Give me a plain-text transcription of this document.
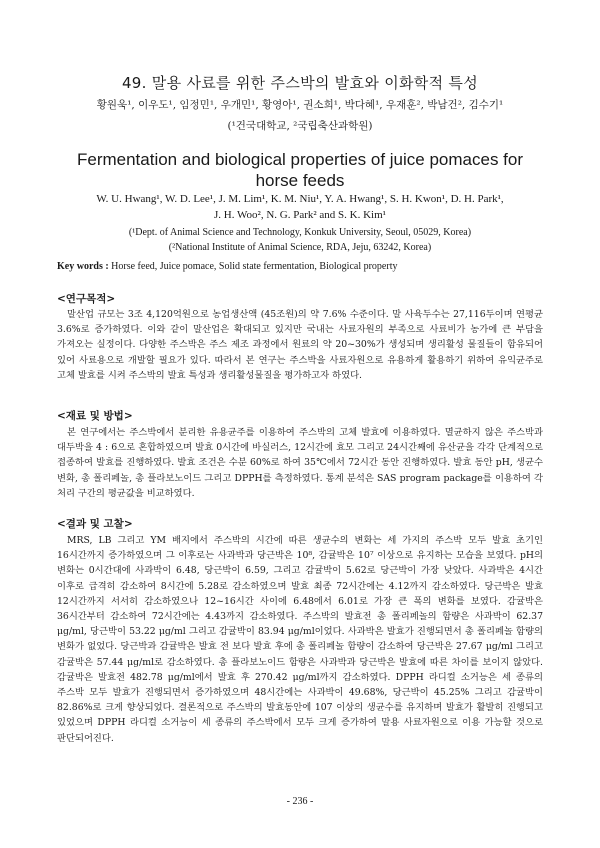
49. 말용 사료를 위한 주스박의 발효와 이화학적 특성
황원욱¹, 이우도¹, 임정민¹, 우개민¹, 황영아¹, 권소희¹, 박다혜¹, 우재훈², 박남건², 김수기¹
(¹건국대학교, ²국립축산과학원)
Fermentation and biological properties of juice pomaces for horse feeds
W. U. Hwang¹, W. D. Lee¹, J. M. Lim¹, K. M. Niu¹, Y. A. Hwang¹, S. H. Kwon¹, D. H. Park¹,
J. H. Woo², N. G. Park² and S. K. Kim¹
(¹Dept. of Animal Science and Technology, Konkuk University, Seoul, 05029, Korea)
(²National Institute of Animal Science, RDA, Jeju, 63242, Korea)
Key words : Horse feed, Juice pomace, Solid state fermentation, Biological property
<연구목적>
말산업 규모는 3조 4,120억원으로 농업생산액 (45조원)의 약 7.6% 수준이다. 말 사육두수는 27,116두이며 연평균 3.6%로 증가하였다. 이와 같이 말산업은 확대되고 있지만 국내는 사료자원의 부족으로 사료비가 농가에 큰 부담을 가져오는 실정이다. 다양한 주스박은 주스 제조 과정에서 원료의 약 20~30%가 생성되며 생리활성 물질들이 함유되어 있어 사료용으로 개발할 필요가 있다. 따라서 본 연구는 주스박을 사료자원으로 유용하게 활용하기 위하여 유익균주로 고체 발효를 시켜 주스박의 발효 특성과 생리활성물질을 평가하고자 하였다.
<재료 및 방법>
본 연구에서는 주스박에서 분리한 유용균주를 이용하여 주스박의 고체 발효에 이용하였다. 멸균하지 않은 주스박과 대두박을 4 : 6으로 혼합하였으며 발효 0시간에 바실러스, 12시간에 효모 그리고 24시간째에 유산균을 각각 단계적으로 접종하여 발효를 진행하였다. 발효 조건은 수분 60%로 하여 35℃에서 72시간 동안 진행하였다. 발효 동안 pH, 생균수 변화, 총 폴리페놀, 총 플라보노이드 그리고 DPPH를 측정하였다. 통계 분석은 SAS program package를 이용하여 각 처리 구간의 평균값을 비교하였다.
<결과 및 고찰>
MRS, LB 그리고 YM 배지에서 주스박의 시간에 따른 생균수의 변화는 세 가지의 주스박 모두 발효 초기인 16시간까지 증가하였으며 그 이후로는 사과박과 당근박은 10⁸, 감귤박은 10⁷ 이상으로 유지하는 모습을 보였다. pH의 변화는 0시간대에 사과박이 6.48, 당근박이 6.59, 그리고 감귤박이 5.62로 당근박이 가장 낮았다. 사과박은 4시간 이후로 급격히 감소하여 8시간에 5.28로 감소하였으며 발효 최종 72시간에는 4.12까지 감소하였다. 당근박은 발효 12시간까지 서서히 감소하였으나 12~16시간 사이에 6.48에서 6.01로 가장 큰 폭의 변화를 보였다. 감귤박은 36시간부터 감소하여 72시간에는 4.43까지 감소하였다. 주스박의 발효전 총 폴리페놀의 함량은 사과박이 62.37 μg/ml, 당근박이 53.22 μg/ml 그리고 감귤박이 83.94 μg/ml이었다. 사과박은 발효가 진행되면서 총 폴리페놀 함량의 변화가 없었다. 당근박과 감귤박은 발효 전 보다 발효 후에 총 폴리페놀 함량이 감소하여 당근박은 27.67 μg/ml 그리고 감귤박은 57.44 μg/ml로 감소하였다. 총 플라보노이드 함량은 사과박과 당근박은 발효에 따른 차이를 보이지 않았다. 감귤박은 발효전 482.78 μg/ml에서 발효 후 270.42 μg/ml까지 감소하였다. DPPH 라디컬 소거능은 세 종류의 주스박 모두 발효가 진행되면서 증가하였으며 48시간에는 사과박이 49.68%, 당근박이 45.25% 그리고 감귤박이 82.86%로 크게 향상되었다. 결론적으로 주스박의 발효동안에 107 이상의 생균수를 유지하며 발효가 활발히 진행되고 있었으며 DPPH 라디컬 소거능이 세 종류의 주스박에서 모두 크게 증가하여 말용 사료자원으로 이용 가능할 것으로 판단되어진다.
- 236 -
